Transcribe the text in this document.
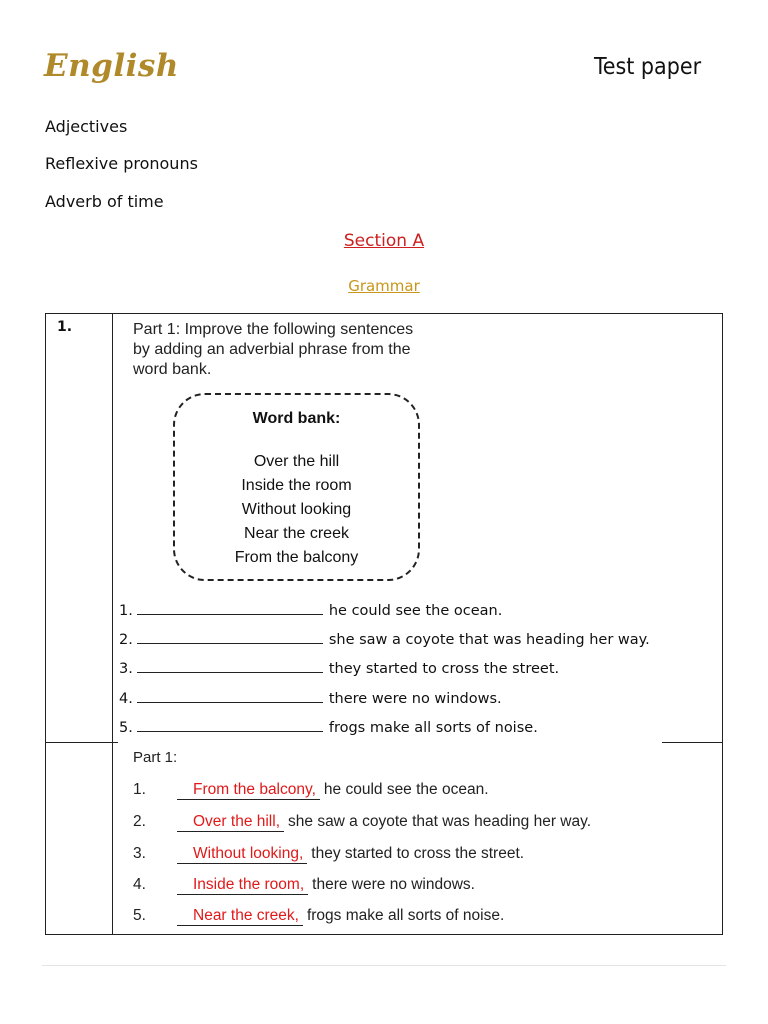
English	Test paper
Adjectives
Reflexive pronouns
Adverb of time
Section A
Grammar
1.	Part 1: Improve the following sentences
by adding an adverbial phrase from the
word bank.
Word bank:
Over the hill
Inside the room
Without looking
Near the creek
From the balcony
1.	he could see the ocean.
2.	she saw a coyote that was heading her way.
3.	they started to cross the street.
4.	there were no windows.
5.	frogs make all sorts of noise.
Part 1:
1.	From the balcony, he could see the ocean.
2.	Over the hill, she saw a coyote that was heading her way.
3.	Without looking, they started to cross the street.
4.	Inside the room, there were no windows.
5.	Near the creek, frogs make all sorts of noise.
